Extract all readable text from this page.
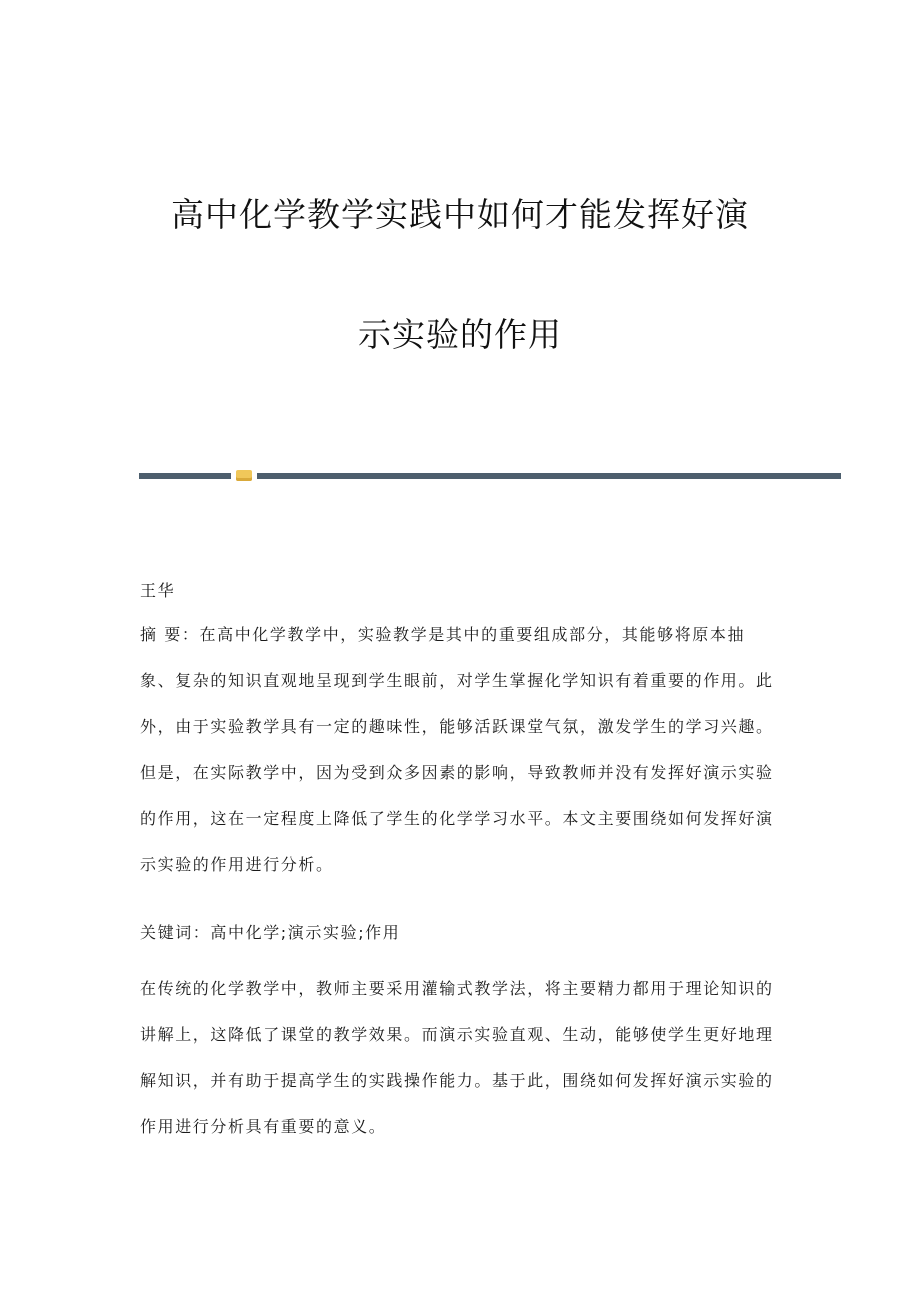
高中化学教学实践中如何才能发挥好演
示实验的作用

王华

摘 要：在高中化学教学中，实验教学是其中的重要组成部分，其能够将原本抽象、复杂的知识直观地呈现到学生眼前，对学生掌握化学知识有着重要的作用。此外，由于实验教学具有一定的趣味性，能够活跃课堂气氛，激发学生的学习兴趣。但是，在实际教学中，因为受到众多因素的影响，导致教师并没有发挥好演示实验的作用，这在一定程度上降低了学生的化学学习水平。本文主要围绕如何发挥好演示实验的作用进行分析。

关键词：高中化学;演示实验;作用

在传统的化学教学中，教师主要采用灌输式教学法，将主要精力都用于理论知识的讲解上，这降低了课堂的教学效果。而演示实验直观、生动，能够使学生更好地理解知识，并有助于提高学生的实践操作能力。基于此，围绕如何发挥好演示实验的作用进行分析具有重要的意义。
